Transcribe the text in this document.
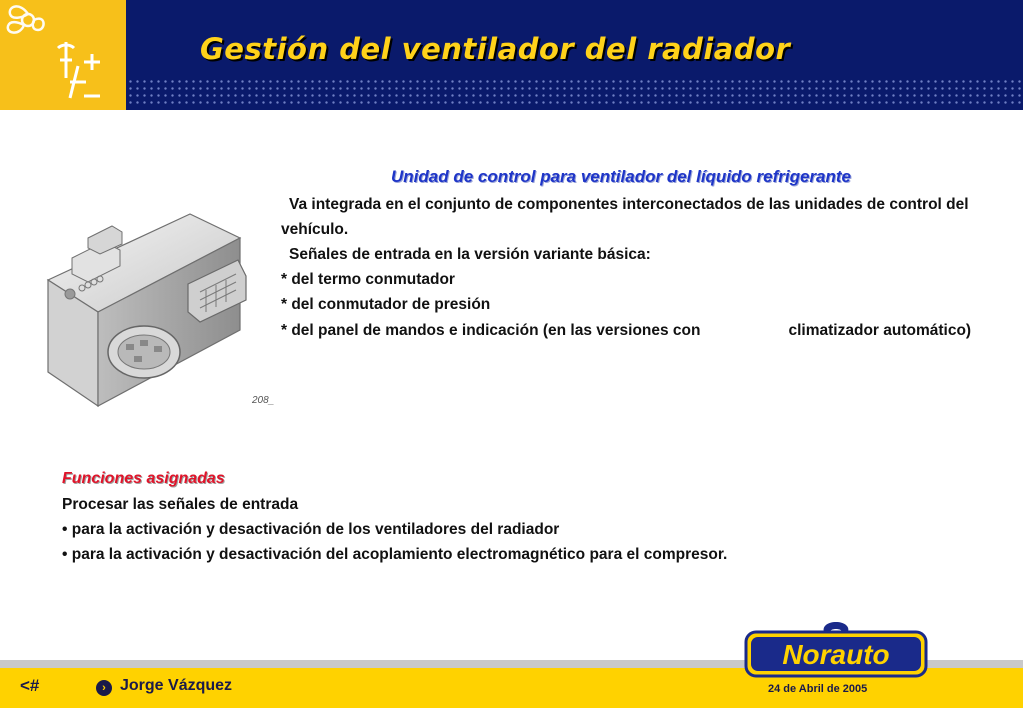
Gestión del ventilador del radiador
208_
Unidad de control para ventilador del líquido refrigerante
Va integrada en el conjunto de componentes interconectados de las unidades de control del vehículo.
Señales de entrada en la versión variante básica:
* del termo conmutador
* del conmutador de presión
* del panel de mandos e indicación (en las versiones con	climatizador automático)
Funciones asignadas
Procesar las señales de entrada
• para la activación y desactivación de los ventiladores del radiador
• para la activación y desactivación del acoplamiento electromagnético para el compresor.
<#	› Jorge Vázquez	24 de Abril de 2005
Norauto
